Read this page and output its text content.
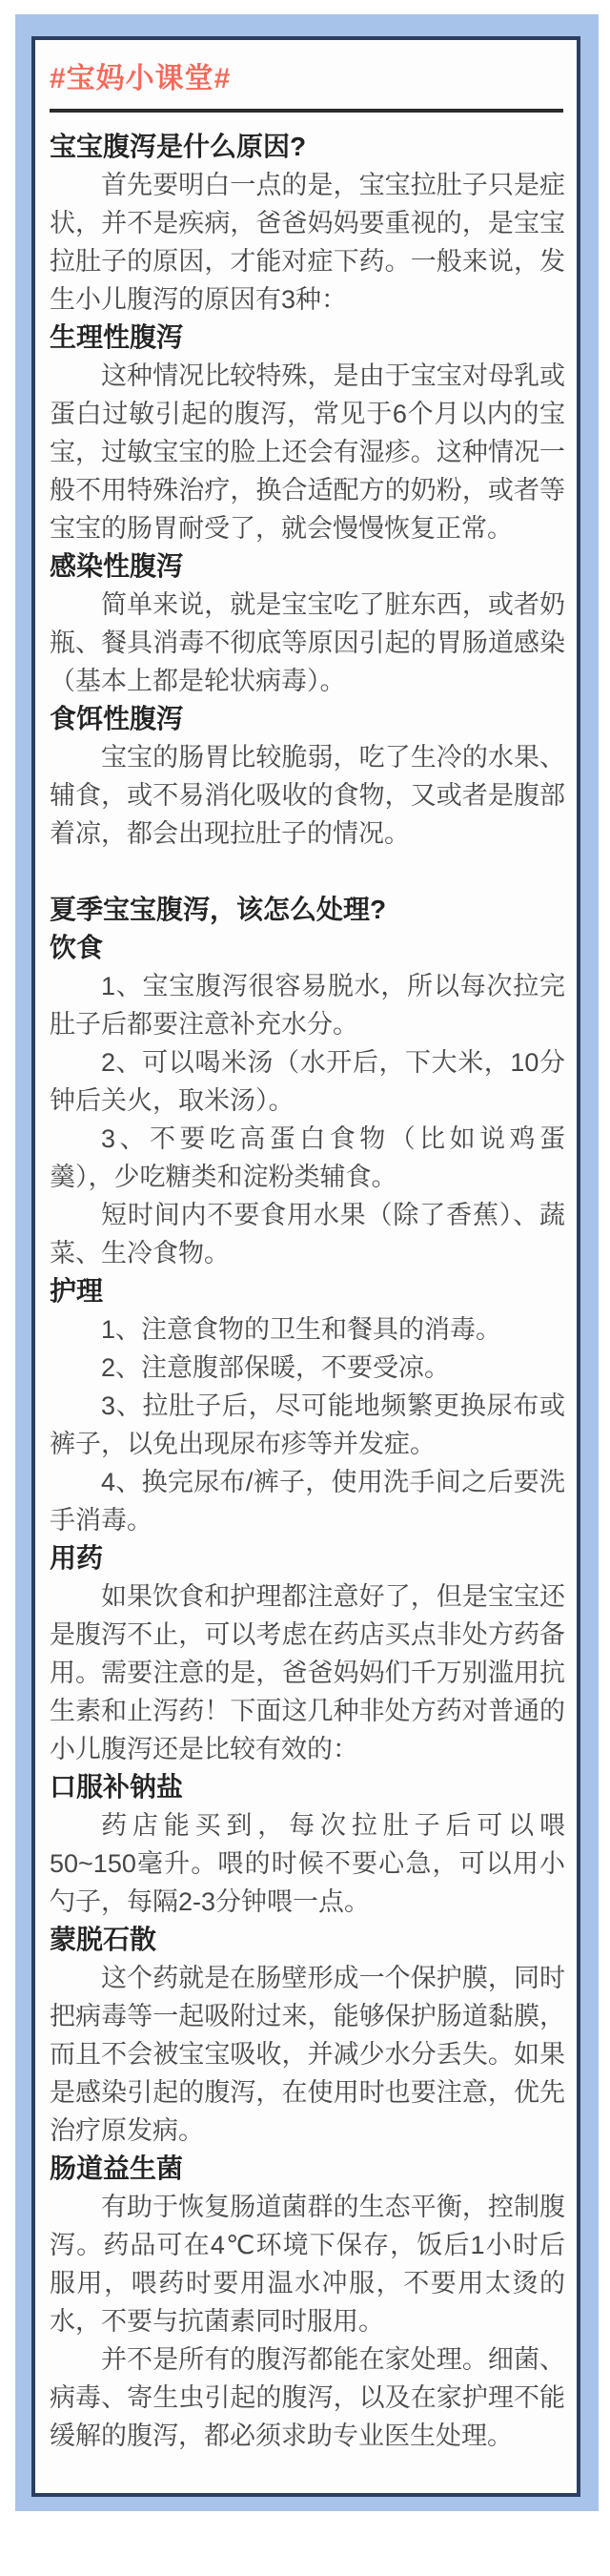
#宝妈小课堂#

宝宝腹泻是什么原因?

首先要明白一点的是，宝宝拉肚子只是症状，并不是疾病，爸爸妈妈要重视的，是宝宝拉肚子的原因，才能对症下药。一般来说，发生小儿腹泻的原因有3种：

生理性腹泻

这种情况比较特殊，是由于宝宝对母乳或蛋白过敏引起的腹泻，常见于6个月以内的宝宝，过敏宝宝的脸上还会有湿疹。这种情况一般不用特殊治疗，换合适配方的奶粉，或者等宝宝的肠胃耐受了，就会慢慢恢复正常。

感染性腹泻

简单来说，就是宝宝吃了脏东西，或者奶瓶、餐具消毒不彻底等原因引起的胃肠道感染（基本上都是轮状病毒）。

食饵性腹泻

宝宝的肠胃比较脆弱，吃了生冷的水果、辅食，或不易消化吸收的食物，又或者是腹部着凉，都会出现拉肚子的情况。

夏季宝宝腹泻，该怎么处理?

饮食

1、宝宝腹泻很容易脱水，所以每次拉完肚子后都要注意补充水分。

2、可以喝米汤（水开后，下大米，10分钟后关火，取米汤）。

3、不要吃高蛋白食物（比如说鸡蛋羹），少吃糖类和淀粉类辅食。

短时间内不要食用水果（除了香蕉）、蔬菜、生冷食物。

护理

1、注意食物的卫生和餐具的消毒。

2、注意腹部保暖，不要受凉。

3、拉肚子后，尽可能地频繁更换尿布或裤子，以免出现尿布疹等并发症。

4、换完尿布/裤子，使用洗手间之后要洗手消毒。

用药

如果饮食和护理都注意好了，但是宝宝还是腹泻不止，可以考虑在药店买点非处方药备用。需要注意的是，爸爸妈妈们千万别滥用抗生素和止泻药！下面这几种非处方药对普通的小儿腹泻还是比较有效的：

口服补钠盐

药店能买到，每次拉肚子后可以喂50~150毫升。喂的时候不要心急，可以用小勺子，每隔2-3分钟喂一点。

蒙脱石散

这个药就是在肠壁形成一个保护膜，同时把病毒等一起吸附过来，能够保护肠道黏膜，而且不会被宝宝吸收，并减少水分丢失。如果是感染引起的腹泻，在使用时也要注意，优先治疗原发病。

肠道益生菌

有助于恢复肠道菌群的生态平衡，控制腹泻。药品可在4℃环境下保存，饭后1小时后服用，喂药时要用温水冲服，不要用太烫的水，不要与抗菌素同时服用。

并不是所有的腹泻都能在家处理。细菌、病毒、寄生虫引起的腹泻，以及在家护理不能缓解的腹泻，都必须求助专业医生处理。
